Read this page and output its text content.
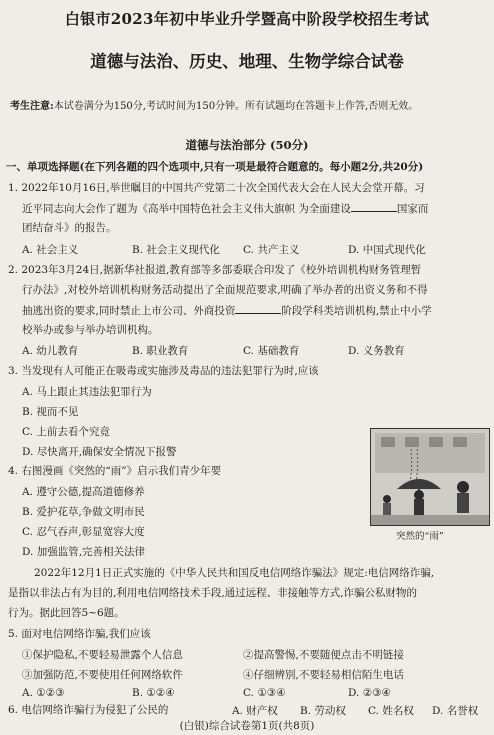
白银市2023年初中毕业升学暨高中阶段学校招生考试
道德与法治、历史、地理、生物学综合试卷
考生注意:本试卷满分为150分,考试时间为150分钟。所有试题均在答题卡上作答,否则无效。
道德与法治部分 (50分)
一、单项选择题(在下列各题的四个选项中,只有一项是最符合题意的。每小题2分,共20分)
1. 2022年10月16日,举世瞩目的中国共产党第二十次全国代表大会在人民大会堂开幕。习
近平同志向大会作了题为《高举中国特色社会主义伟大旗帜 为全面建设	国家而
团结奋斗》的报告。
A. 社会主义	B. 社会主义现代化 C. 共产主义	D. 中国式现代化
2. 2023年3月24日,据新华社报道,教育部等多部委联合印发了《校外培训机构财务管理暂
行办法》,对校外培训机构财务活动提出了全面规范要求,明确了举办者的出资义务和不得
抽逃出资的要求,同时禁止上市公司、外商投资	阶段学科类培训机构,禁止中小学
校举办或参与举办培训机构。
A. 幼儿教育	B. 职业教育	C. 基础教育	D. 义务教育
3. 当发现有人可能正在吸毒或实施涉及毒品的违法犯罪行为时,应该
A. 马上跟止其违法犯罪行为
B. 视而不见
C. 上前去看个究竟
D. 尽快离开,确保安全情况下报警
4. 右图漫画《突然的“雨”》启示我们青少年要
A. 遵守公德,提高道德修养
B. 爱护花草,争做文明市民
C. 忍气吞声,彰显宽容大度
D. 加强监管,完善相关法律
突然的“雨”
2022年12月1日正式实施的《中华人民共和国反电信网络诈骗法》规定:电信网络诈骗,
是指以非法占有为目的,利用电信网络技术手段,通过远程、非接触等方式,诈骗公私财物的
行为。据此回答5~6题。
5. 面对电信网络诈骗,我们应该
①保护隐私,不要轻易泄露个人信息	②提高警惕,不要随便点击不明链接
③加强防范,不要使用任何网络软件	④仔细辨别,不要轻易相信陌生电话
A. ①②③	B. ①②④	C. ①③④	D. ②③④
6. 电信网络诈骗行为侵犯了公民的
(白银)综合试卷第1页(共8页)
A. 财产权 B. 劳动权 C. 姓名权 D. 名誉权
